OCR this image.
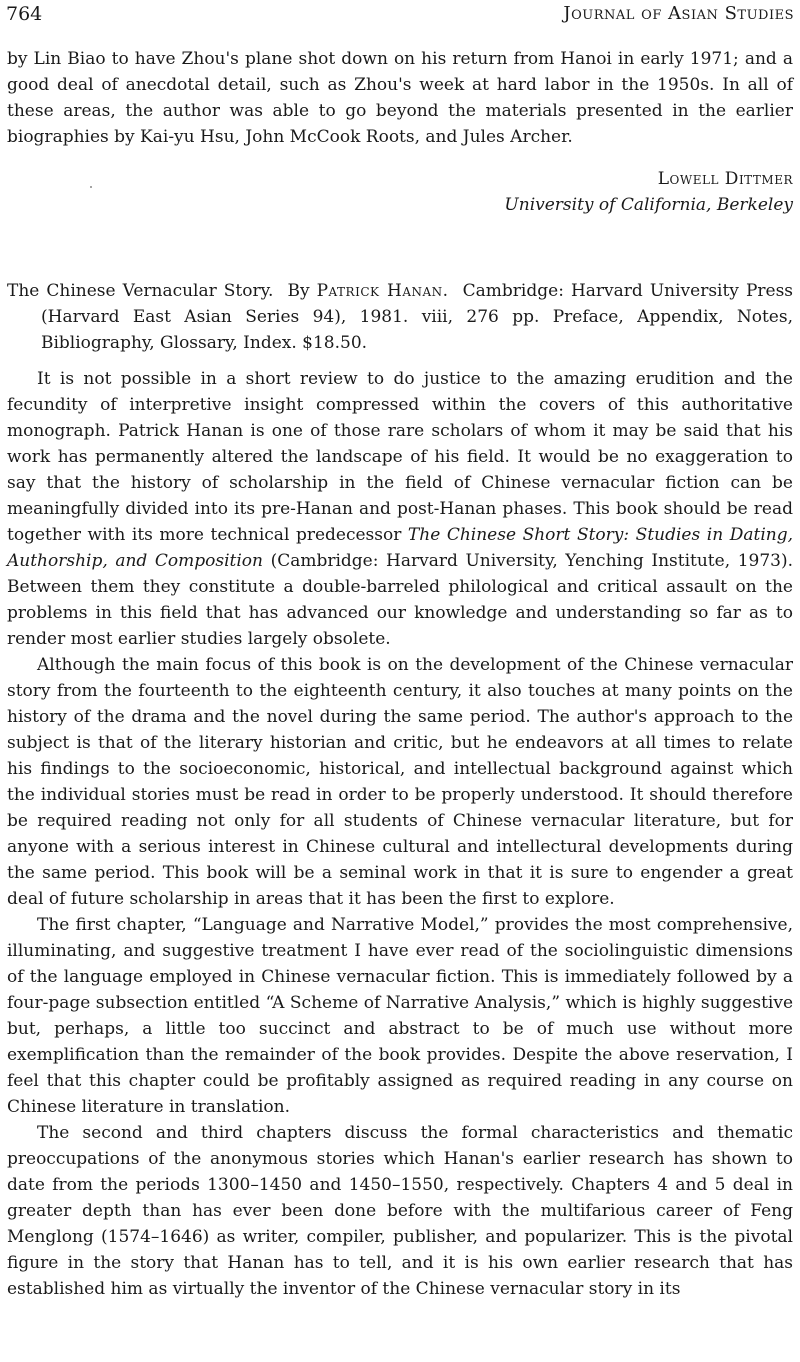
764	Journal of Asian Studies

by Lin Biao to have Zhou's plane shot down on his return from Hanoi in early 1971; and a good deal of anecdotal detail, such as Zhou's week at hard labor in the 1950s. In all of these areas, the author was able to go beyond the materials presented in the earlier biographies by Kai-yu Hsu, John McCook Roots, and Jules Archer.

Lowell Dittmer

University of California, Berkeley

The Chinese Vernacular Story. By Patrick Hanan. Cambridge: Harvard University Press (Harvard East Asian Series 94), 1981. viii, 276 pp. Preface, Appendix, Notes, Bibliography, Glossary, Index. $18.50.

It is not possible in a short review to do justice to the amazing erudition and the fecundity of interpretive insight compressed within the covers of this authoritative monograph. Patrick Hanan is one of those rare scholars of whom it may be said that his work has permanently altered the landscape of his field. It would be no exaggeration to say that the history of scholarship in the field of Chinese vernacular fiction can be meaningfully divided into its pre-Hanan and post-Hanan phases. This book should be read together with its more technical predecessor The Chinese Short Story: Studies in Dating, Authorship, and Composition (Cambridge: Harvard University, Yenching Institute, 1973). Between them they constitute a double-barreled philological and critical assault on the problems in this field that has advanced our knowledge and understanding so far as to render most earlier studies largely obsolete.

Although the main focus of this book is on the development of the Chinese vernacular story from the fourteenth to the eighteenth century, it also touches at many points on the history of the drama and the novel during the same period. The author's approach to the subject is that of the literary historian and critic, but he endeavors at all times to relate his findings to the socioeconomic, historical, and intellectual background against which the individual stories must be read in order to be properly understood. It should therefore be required reading not only for all students of Chinese vernacular literature, but for anyone with a serious interest in Chinese cultural and intellectural developments during the same period. This book will be a seminal work in that it is sure to engender a great deal of future scholarship in areas that it has been the first to explore.

The first chapter, “Language and Narrative Model,” provides the most comprehensive, illuminating, and suggestive treatment I have ever read of the sociolinguistic dimensions of the language employed in Chinese vernacular fiction. This is immediately followed by a four-page subsection entitled “A Scheme of Narrative Analysis,” which is highly suggestive but, perhaps, a little too succinct and abstract to be of much use without more exemplification than the remainder of the book provides. Despite the above reservation, I feel that this chapter could be profitably assigned as required reading in any course on Chinese literature in translation.

The second and third chapters discuss the formal characteristics and thematic preoccupations of the anonymous stories which Hanan's earlier research has shown to date from the periods 1300–1450 and 1450–1550, respectively. Chapters 4 and 5 deal in greater depth than has ever been done before with the multifarious career of Feng Menglong (1574–1646) as writer, compiler, publisher, and popularizer. This is the pivotal figure in the story that Hanan has to tell, and it is his own earlier research that has established him as virtually the inventor of the Chinese vernacular story in its
